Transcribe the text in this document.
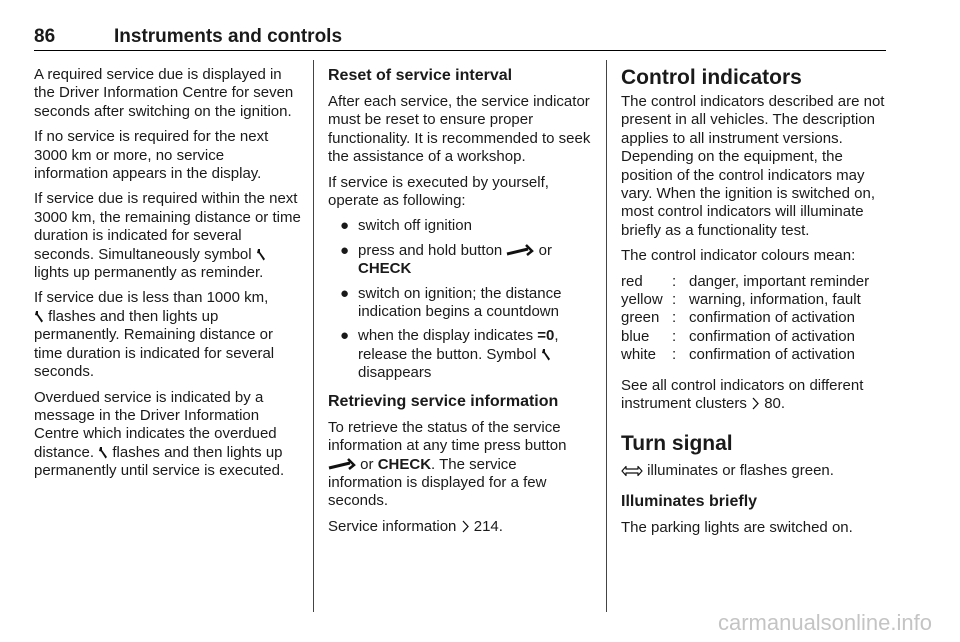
86	Instruments and controls

A required service due is displayed in the Driver Information Centre for seven seconds after switching on the ignition.

If no service is required for the next 3000 km or more, no service information appears in the display.

If service due is required within the next 3000 km, the remaining distance or time duration is indicated for several seconds. Simultaneously symbol  lights up permanently as reminder.

If service due is less than 1000 km,
flashes and then lights up permanently. Remaining distance or time duration is indicated for several seconds.

Overdued service is indicated by a message in the Driver Information Centre which indicates the overdued distance. flashes and then lights up permanently until service is executed.

Reset of service interval

After each service, the service indicator must be reset to ensure proper functionality. It is recommended to seek the assistance of a workshop.

If service is executed by yourself, operate as following:

● switch off ignition
● press and hold button or
CHECK
● switch on ignition; the distance indication begins a countdown
● when the display indicates =0, release the button. Symbol
disappears
Retrieving service information

To retrieve the status of the service information at any time press button  or CHECK. The service information is displayed for a few seconds.

Service information 214.

Control indicators

The control indicators described are not present in all vehicles. The description applies to all instrument versions. Depending on the equipment, the position of the control indicators may vary. When the ignition is switched on, most control indicators will illuminate briefly as a functionality test.

The control indicator colours mean:

red	:	danger, important reminder
yellow	:	warning, information, fault
green	:	confirmation of activation
blue	:	confirmation of activation
white	:	confirmation of activation

See all control indicators on different instrument clusters 80.

Turn signal

illuminates or flashes green.

Illuminates briefly

The parking lights are switched on.

carmanualsonline.info
